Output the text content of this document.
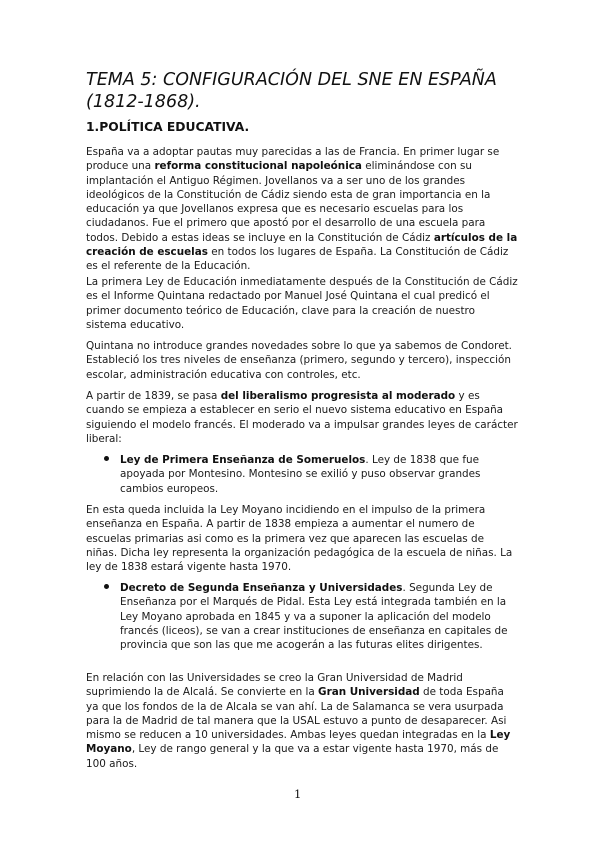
TEMA 5: CONFIGURACIÓN DEL SNE EN ESPAÑA (1812-1868).
1.POLÍTICA EDUCATIVA.

España va a adoptar pautas muy parecidas a las de Francia. En primer lugar se produce una reforma constitucional napoleónica eliminándose con su implantación el Antiguo Régimen. Jovellanos va a ser uno de los grandes ideológicos de la Constitución de Cádiz siendo esta de gran importancia en la educación ya que Jovellanos expresa que es necesario escuelas para los ciudadanos. Fue el primero que apostó por el desarrollo de una escuela para todos. Debido a estas ideas se incluye en la Constitución de Cádiz artículos de la creación de escuelas en todos los lugares de España. La Constitución de Cádiz es el referente de la Educación.

La primera Ley de Educación inmediatamente después de la Constitución de Cádiz es el Informe Quintana redactado por Manuel José Quintana el cual predicó el primer documento teórico de Educación, clave para la creación de nuestro sistema educativo.

Quintana no introduce grandes novedades sobre lo que ya sabemos de Condoret. Estableció los tres niveles de enseñanza (primero, segundo y tercero), inspección escolar, administración educativa con controles, etc.

A partir de 1839, se pasa del liberalismo progresista al moderado y es cuando se empieza a establecer en serio el nuevo sistema educativo en España siguiendo el modelo francés. El moderado va a impulsar grandes leyes de carácter liberal:

Ley de Primera Enseñanza de Someruelos. Ley de 1838 que fue apoyada por Montesino. Montesino se exilió y puso observar grandes cambios europeos.

En esta queda incluida la Ley Moyano incidiendo en el impulso de la primera enseñanza en España. A partir de 1838 empieza a aumentar el numero de escuelas primarias asi como es la primera vez que aparecen las escuelas de niñas. Dicha ley representa la organización pedagógica de la escuela de niñas. La ley de 1838 estará vigente hasta 1970.

Decreto de Segunda Enseñanza y Universidades. Segunda Ley de Enseñanza por el Marqués de Pidal. Esta Ley está integrada también en la Ley Moyano aprobada en 1845 y va a suponer la aplicación del modelo francés (liceos), se van a crear instituciones de enseñanza en capitales de provincia que son las que me acogerán a las futuras elites dirigentes.

En relación con las Universidades se creo la Gran Universidad de Madrid suprimiendo la de Alcalá. Se convierte en la Gran Universidad de toda España ya que los fondos de la de Alcala se van ahí. La de Salamanca se vera usurpada para la de Madrid de tal manera que la USAL estuvo a punto de desaparecer. Asi mismo se reducen a 10 universidades. Ambas leyes quedan integradas en la Ley Moyano, Ley de rango general y la que va a estar vigente hasta 1970, más de 100 años.

1
